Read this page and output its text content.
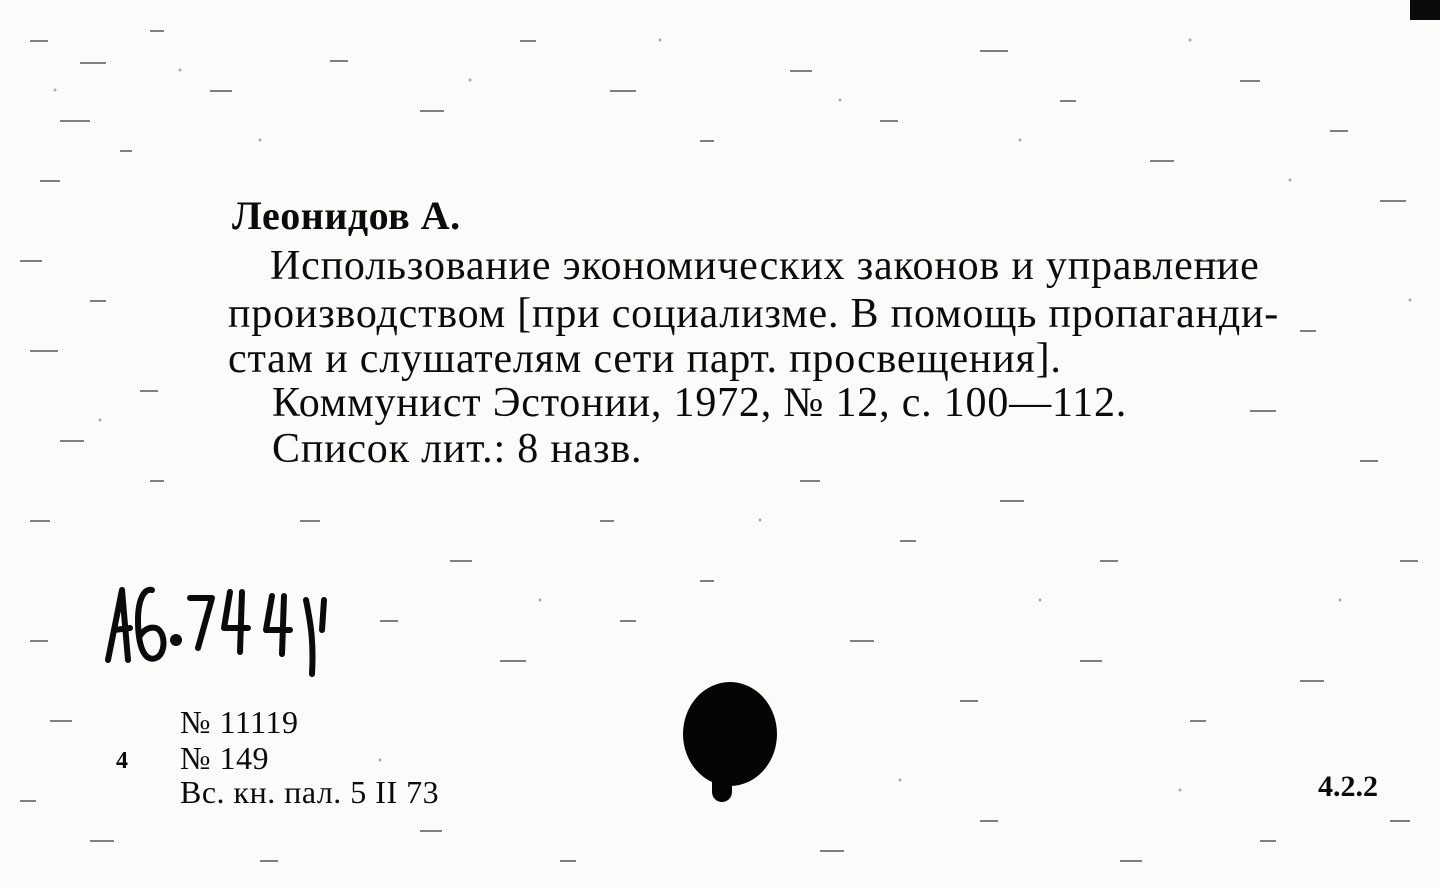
Леонидов А.
Использование экономических законов и управление
производством [при социализме. В помощь пропаганди-
стам и слушателям сети парт. просвещения].
Коммунист Эстонии, 1972, № 12, с. 100—112.
Список лит.: 8 назв.
4
№ 11119
№ 149
Вс. кн. пал. 5 II 73	4.2.2
